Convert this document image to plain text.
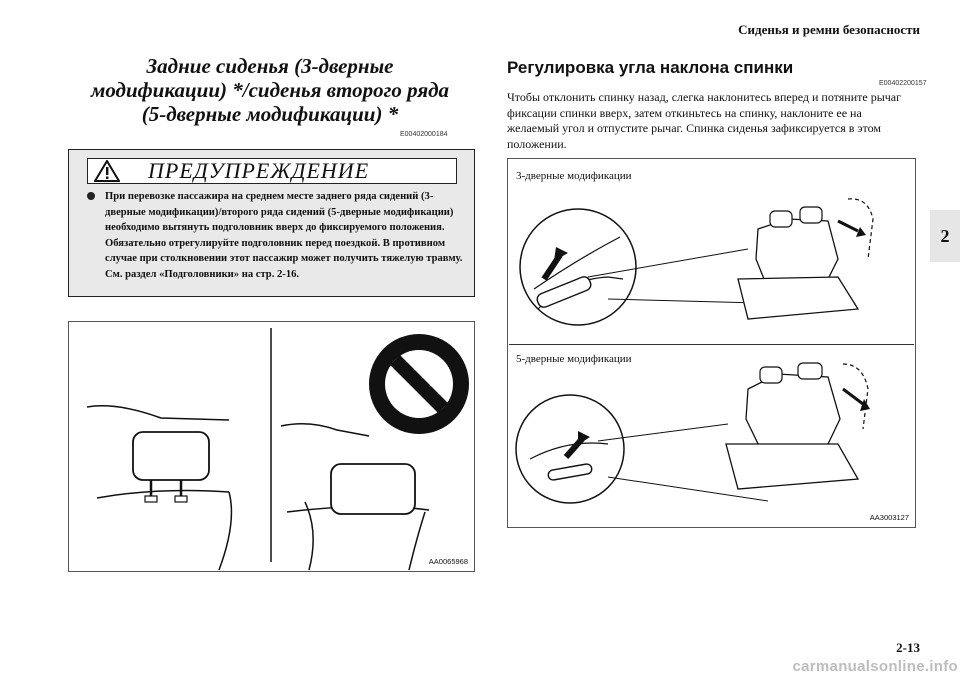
Сиденья и ремни безопасности
2
Задние сиденья (3-дверные
модификации) */сиденья второго ряда
(5-дверные модификации) *
E00402000184
ПРЕДУПРЕЖДЕНИЕ

При перевозке пассажира на среднем месте заднего ряда сидений (3-дверные модификации)/второго ряда сидений (5-дверные модификации) необходимо вытянуть подголовник вверх до фиксируемого положения. Обязательно отрегулируйте подголовник перед поездкой. В противном случае при столкновении этот пассажир может получить тяжелую травму. См. раздел «Подголовники» на стр. 2-16.

AA0065968
Регулировка угла наклона спинки
E00402200157
Чтобы отклонить спинку назад, слегка наклонитесь вперед и потяните рычаг фиксации спинки вверх, затем откиньтесь на спинку, наклоните ее на желаемый угол и отпустите рычаг. Спинка сиденья зафиксируется в этом положении.
3-дверные модификации
5-дверные модификации
AA3003127
2-13
carmanualsonline.info
